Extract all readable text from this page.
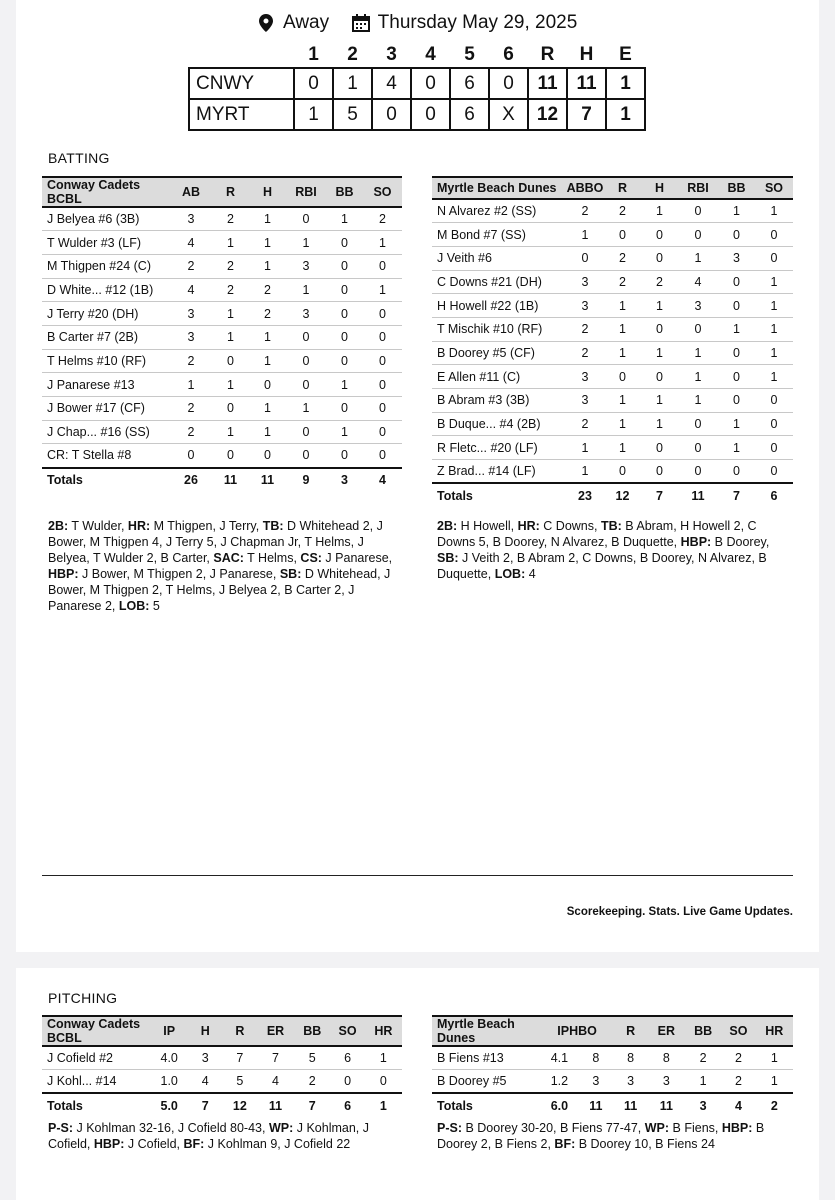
Away	Thursday May 29, 2025
	1	2	3	4	5	6	R	H	E
CNWY	0	1	4	0	6	0	11	11	1
MYRT	1	5	0	0	6	X	12	7	1
BATTING
Conway Cadets BCBL	AB	R	H	RBI	BB	SO
J Belyea #6 (3B)	3	2	1	0	1	2
T Wulder #3 (LF)	4	1	1	1	0	1
M Thigpen #24 (C)	2	2	1	3	0	0
D White... #12 (1B)	4	2	2	1	0	1
J Terry #20 (DH)	3	1	2	3	0	0
B Carter #7 (2B)	3	1	1	0	0	0
T Helms #10 (RF)	2	0	1	0	0	0
J Panarese #13	1	1	0	0	1	0
J Bower #17 (CF)	2	0	1	1	0	0
J Chap... #16 (SS)	2	1	1	0	1	0
CR: T Stella #8	0	0	0	0	0	0
Totals	26	11	11	9	3	4
Myrtle Beach Dunes	ABBO	R	H	RBI	BB	SO
N Alvarez #2 (SS)	2	2	1	0	1	1
M Bond #7 (SS)	1	0	0	0	0	0
J Veith #6	0	2	0	1	3	0
C Downs #21 (DH)	3	2	2	4	0	1
H Howell #22 (1B)	3	1	1	3	0	1
T Mischik #10 (RF)	2	1	0	0	1	1
B Doorey #5 (CF)	2	1	1	1	0	1
E Allen #11 (C)	3	0	0	1	0	1
B Abram #3 (3B)	3	1	1	1	0	0
B Duque... #4 (2B)	2	1	1	0	1	0
R Fletc... #20 (LF)	1	1	0	0	1	0
Z Brad... #14 (LF)	1	0	0	0	0	0
Totals	23	12	7	11	7	6
2B: T Wulder, HR: M Thigpen, J Terry, TB: D Whitehead 2, J Bower, M Thigpen 4, J Terry 5, J Chapman Jr, T Helms, J Belyea, T Wulder 2, B Carter, SAC: T Helms, CS: J Panarese, HBP: J Bower, M Thigpen 2, J Panarese, SB: D Whitehead, J Bower, M Thigpen 2, T Helms, J Belyea 2, B Carter 2, J Panarese 2, LOB: 5
2B: H Howell, HR: C Downs, TB: B Abram, H Howell 2, C Downs 5, B Doorey, N Alvarez, B Duquette, HBP: B Doorey, SB: J Veith 2, B Abram 2, C Downs, B Doorey, N Alvarez, B Duquette, LOB: 4
Scorekeeping. Stats. Live Game Updates.
PITCHING
Conway Cadets BCBL	IP	H	R	ER	BB	SO	HR
J Cofield #2	4.0	3	7	7	5	6	1
J Kohl... #14	1.0	4	5	4	2	0	0
Totals	5.0	7	12	11	7	6	1
Myrtle Beach Dunes	IPHBO		R	ER	BB	SO	HR
B Fiens #13	4.1	8	8	8	2	2	1
B Doorey #5	1.2	3	3	3	1	2	1
Totals	6.0	11	11	11	3	4	2
P-S: J Kohlman 32-16, J Cofield 80-43, WP: J Kohlman, J Cofield, HBP: J Cofield, BF: J Kohlman 9, J Cofield 22
P-S: B Doorey 30-20, B Fiens 77-47, WP: B Fiens, HBP: B Doorey 2, B Fiens 2, BF: B Doorey 10, B Fiens 24
